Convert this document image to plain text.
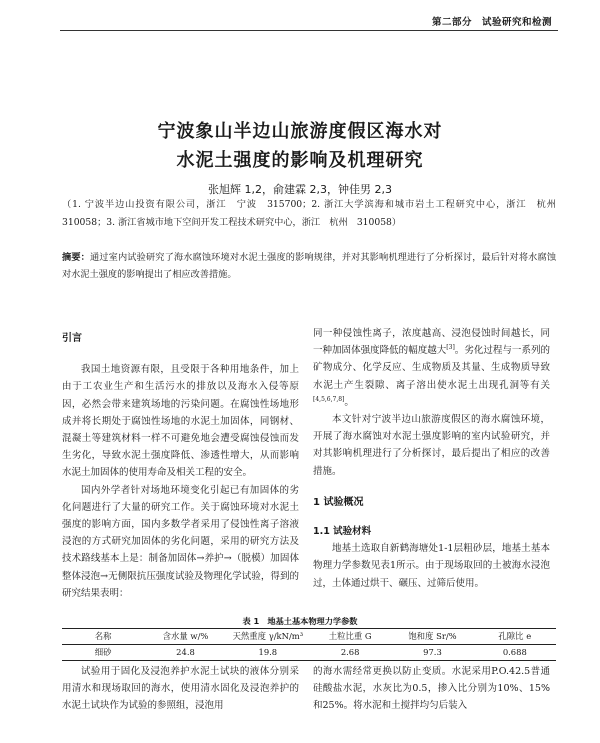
第二部分　试验研究和检测
宁波象山半边山旅游度假区海水对
水泥土强度的影响及机理研究
张旭辉 1,2，俞建霖 2,3，钟佳男 2,3
（1. 宁波半边山投资有限公司，浙江　宁波　315700；2. 浙江大学滨海和城市岩土工程研究中心，浙江　杭州　310058；3. 浙江省城市地下空间开发工程技术研究中心，浙江　杭州　310058）
摘要：通过室内试验研究了海水腐蚀环境对水泥土强度的影响规律，并对其影响机理进行了分析探讨，最后针对将水腐蚀对水泥土强度的影响提出了相应改善措施。

引言

我国土地资源有限，且受限于各种用地条件，加上由于工农业生产和生活污水的排放以及海水入侵等原因，必然会带来建筑场地的污染问题。在腐蚀性场地形成并将长期处于腐蚀性场地的水泥土加固体，同钢材、混凝土等建筑材料一样不可避免地会遭受腐蚀侵蚀而发生劣化，导致水泥土强度降低、渗透性增大，从而影响水泥土加固体的使用寿命及相关工程的安全。

国内外学者针对场地环境变化引起已有加固体的劣化问题进行了大量的研究工作。关于腐蚀环境对水泥土强度的影响方面，国内多数学者采用了侵蚀性离子溶液浸泡的方式研究加固体的劣化问题，采用的研究方法及技术路线基本上是：制备加固体→养护→（脱模）加固体整体浸泡→无侧限抗压强度试验及物理化学试验，得到的研究结果表明：

同一种侵蚀性离子，浓度越高、浸泡侵蚀时间越长，同一种加固体强度降低的幅度越大[3]。劣化过程与一系列的矿物成分、化学反应、生成物质及其量、生成物质导致水泥土产生裂隙、离子溶出使水泥土出现孔洞等有关[4,5,6,7,8]。

本文针对宁波半边山旅游度假区的海水腐蚀环境，开展了海水腐蚀对水泥土强度影响的室内试验研究，并对其影响机理进行了分析探讨，最后提出了相应的改善措施。

1 试验概况

1.1 试验材料

地基土选取自新鹤海塘处1-1层粗砂层，地基土基本物理力学参数见表1所示。由于现场取回的土被海水浸泡过，土体通过烘干、碾压、过筛后使用。

表 1　地基土基本物理力学参数
名称	含水量 w/%	天然重度 γ/kN/m³	土粒比重 G	饱和度 Sr/%	孔隙比 e
细砂	24.8	19.8	2.68	97.3	0.688
试验用于固化及浸泡养护水泥土试块的液体分别采用清水和现场取回的海水，使用清水固化及浸泡养护的水泥土试块作为试验的参照组，浸泡用
的海水需经常更换以防止变质。水泥采用P.O.42.5普通硅酸盐水泥，水灰比为0.5，掺入比分别为10%、15%和25%。将水泥和土搅拌均匀后装入
